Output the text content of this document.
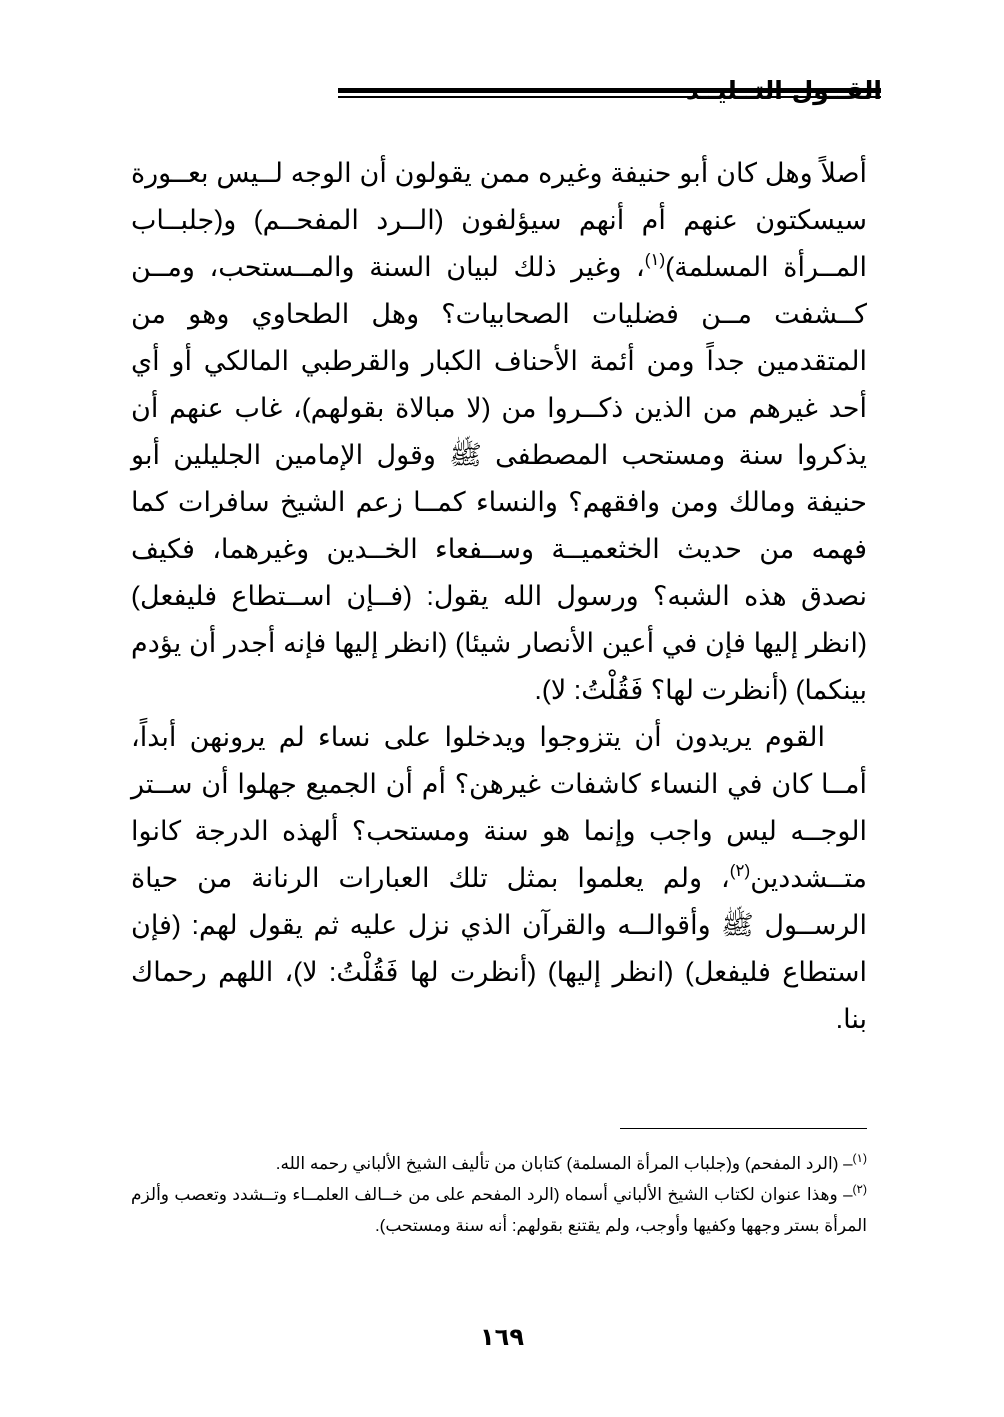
القــول التــليــد

أصلاً وهل كان أبو حنيفة وغيره ممن يقولون أن الوجه لــيس بعــورة سيسكتون عنهم أم أنهم سيؤلفون (الــرد المفحــم) و(جلبــاب المــرأة المسلمة)$^{(١)}$، وغير ذلك لبيان السنة والمــستحب، ومــن كــشفت مــن فضليات الصحابيات؟ وهل الطحاوي وهو من المتقدمين جداً ومن أئمة الأحناف الكبار والقرطبي المالكي أو أي أحد غيرهم من الذين ذكــروا من (لا مبالاة بقولهم)، غاب عنهم أن يذكروا سنة ومستحب المصطفى ﷺ وقول الإمامين الجليلين أبو حنيفة ومالك ومن وافقهم؟ والنساء كمــا زعم الشيخ سافرات كما فهمه من حديث الخثعميــة وســفعاء الخــدين وغيرهما، فكيف نصدق هذه الشبه؟ ورسول الله يقول: (فــإن اســتطاع فليفعل) (انظر إليها فإن في أعين الأنصار شيئا) (انظر إليها فإنه أجدر أن يؤدم بينكما) (أنظرت لها؟ فَقُلْتُ: لا).

القوم يريدون أن يتزوجوا ويدخلوا على نساء لم يرونهن أبداً، أمــا كان في النساء كاشفات غيرهن؟ أم أن الجميع جهلوا أن ســتر الوجــه ليس واجب وإنما هو سنة ومستحب؟ ألهذه الدرجة كانوا متــشددين$^{(٢)}$، ولم يعلموا بمثل تلك العبارات الرنانة من حياة الرســول ﷺ وأقوالــه والقرآن الذي نزل عليه ثم يقول لهم: (فإن استطاع فليفعل) (انظر إليها) (أنظرت لها فَقُلْتُ: لا)، اللهم رحماك بنا.

$^{(١)}$– (الرد المفحم) و(جلباب المرأة المسلمة) كتابان من تأليف الشيخ الألباني رحمه الله.

$^{(٢)}$– وهذا عنوان لكتاب الشيخ الألباني أسماه (الرد المفحم على من خــالف العلمــاء وتــشدد وتعصب وألزم المرأة بستر وجهها وكفيها وأوجب، ولم يقتنع بقولهم: أنه سنة ومستحب).

١٦٩
